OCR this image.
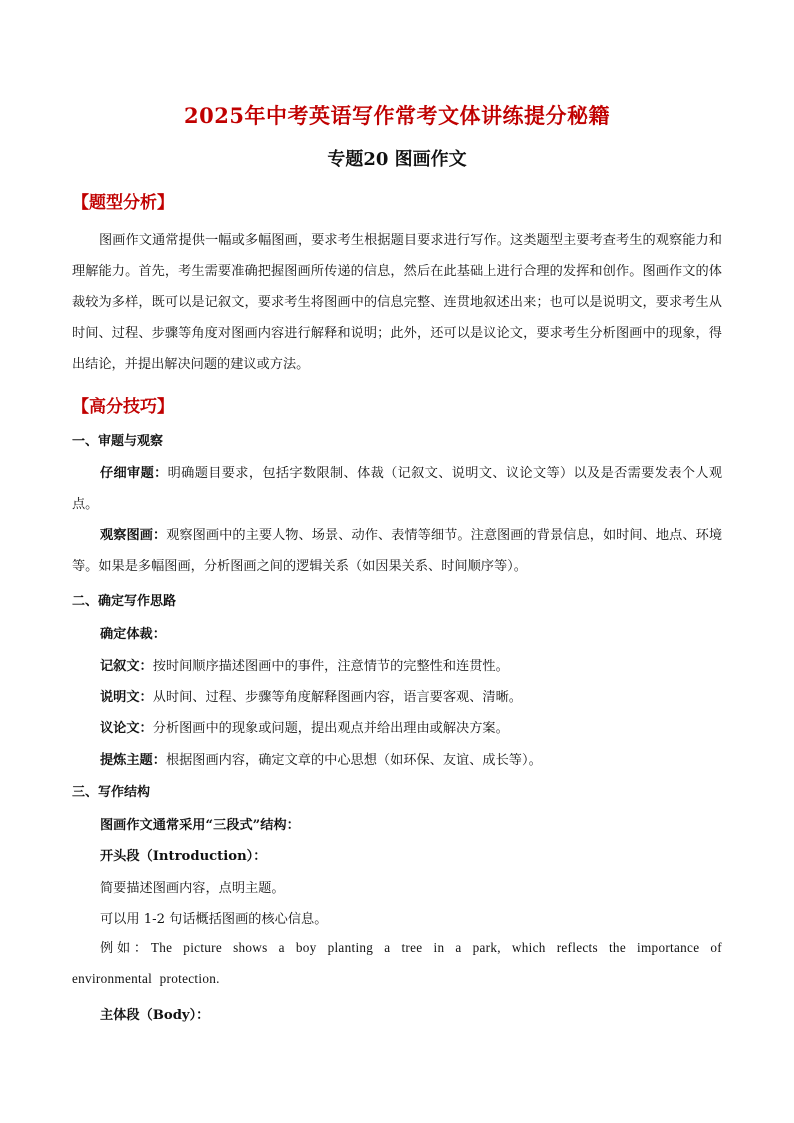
2025年中考英语写作常考文体讲练提分秘籍
专题20 图画作文
【题型分析】
图画作文通常提供一幅或多幅图画，要求考生根据题目要求进行写作。这类题型主要考查考生的观察能力和理解能力。首先，考生需要准确把握图画所传递的信息，然后在此基础上进行合理的发挥和创作。图画作文的体裁较为多样，既可以是记叙文，要求考生将图画中的信息完整、连贯地叙述出来；也可以是说明文，要求考生从时间、过程、步骤等角度对图画内容进行解释和说明；此外，还可以是议论文，要求考生分析图画中的现象，得出结论，并提出解决问题的建议或方法。
【高分技巧】
一、审题与观察
仔细审题：明确题目要求，包括字数限制、体裁（记叙文、说明文、议论文等）以及是否需要发表个人观点。
观察图画：观察图画中的主要人物、场景、动作、表情等细节。注意图画的背景信息，如时间、地点、环境等。如果是多幅图画，分析图画之间的逻辑关系（如因果关系、时间顺序等）。
二、确定写作思路
确定体裁：
记叙文：按时间顺序描述图画中的事件，注意情节的完整性和连贯性。
说明文：从时间、过程、步骤等角度解释图画内容，语言要客观、清晰。
议论文：分析图画中的现象或问题，提出观点并给出理由或解决方案。
提炼主题：根据图画内容，确定文章的中心思想（如环保、友谊、成长等）。
三、写作结构
图画作文通常采用“三段式”结构：
开头段（Introduction）：
简要描述图画内容，点明主题。
可以用 1-2 句话概括图画的核心信息。
例如：The picture shows a boy planting a tree in a park, which reflects the importance of environmental protection.
主体段（Body）：
